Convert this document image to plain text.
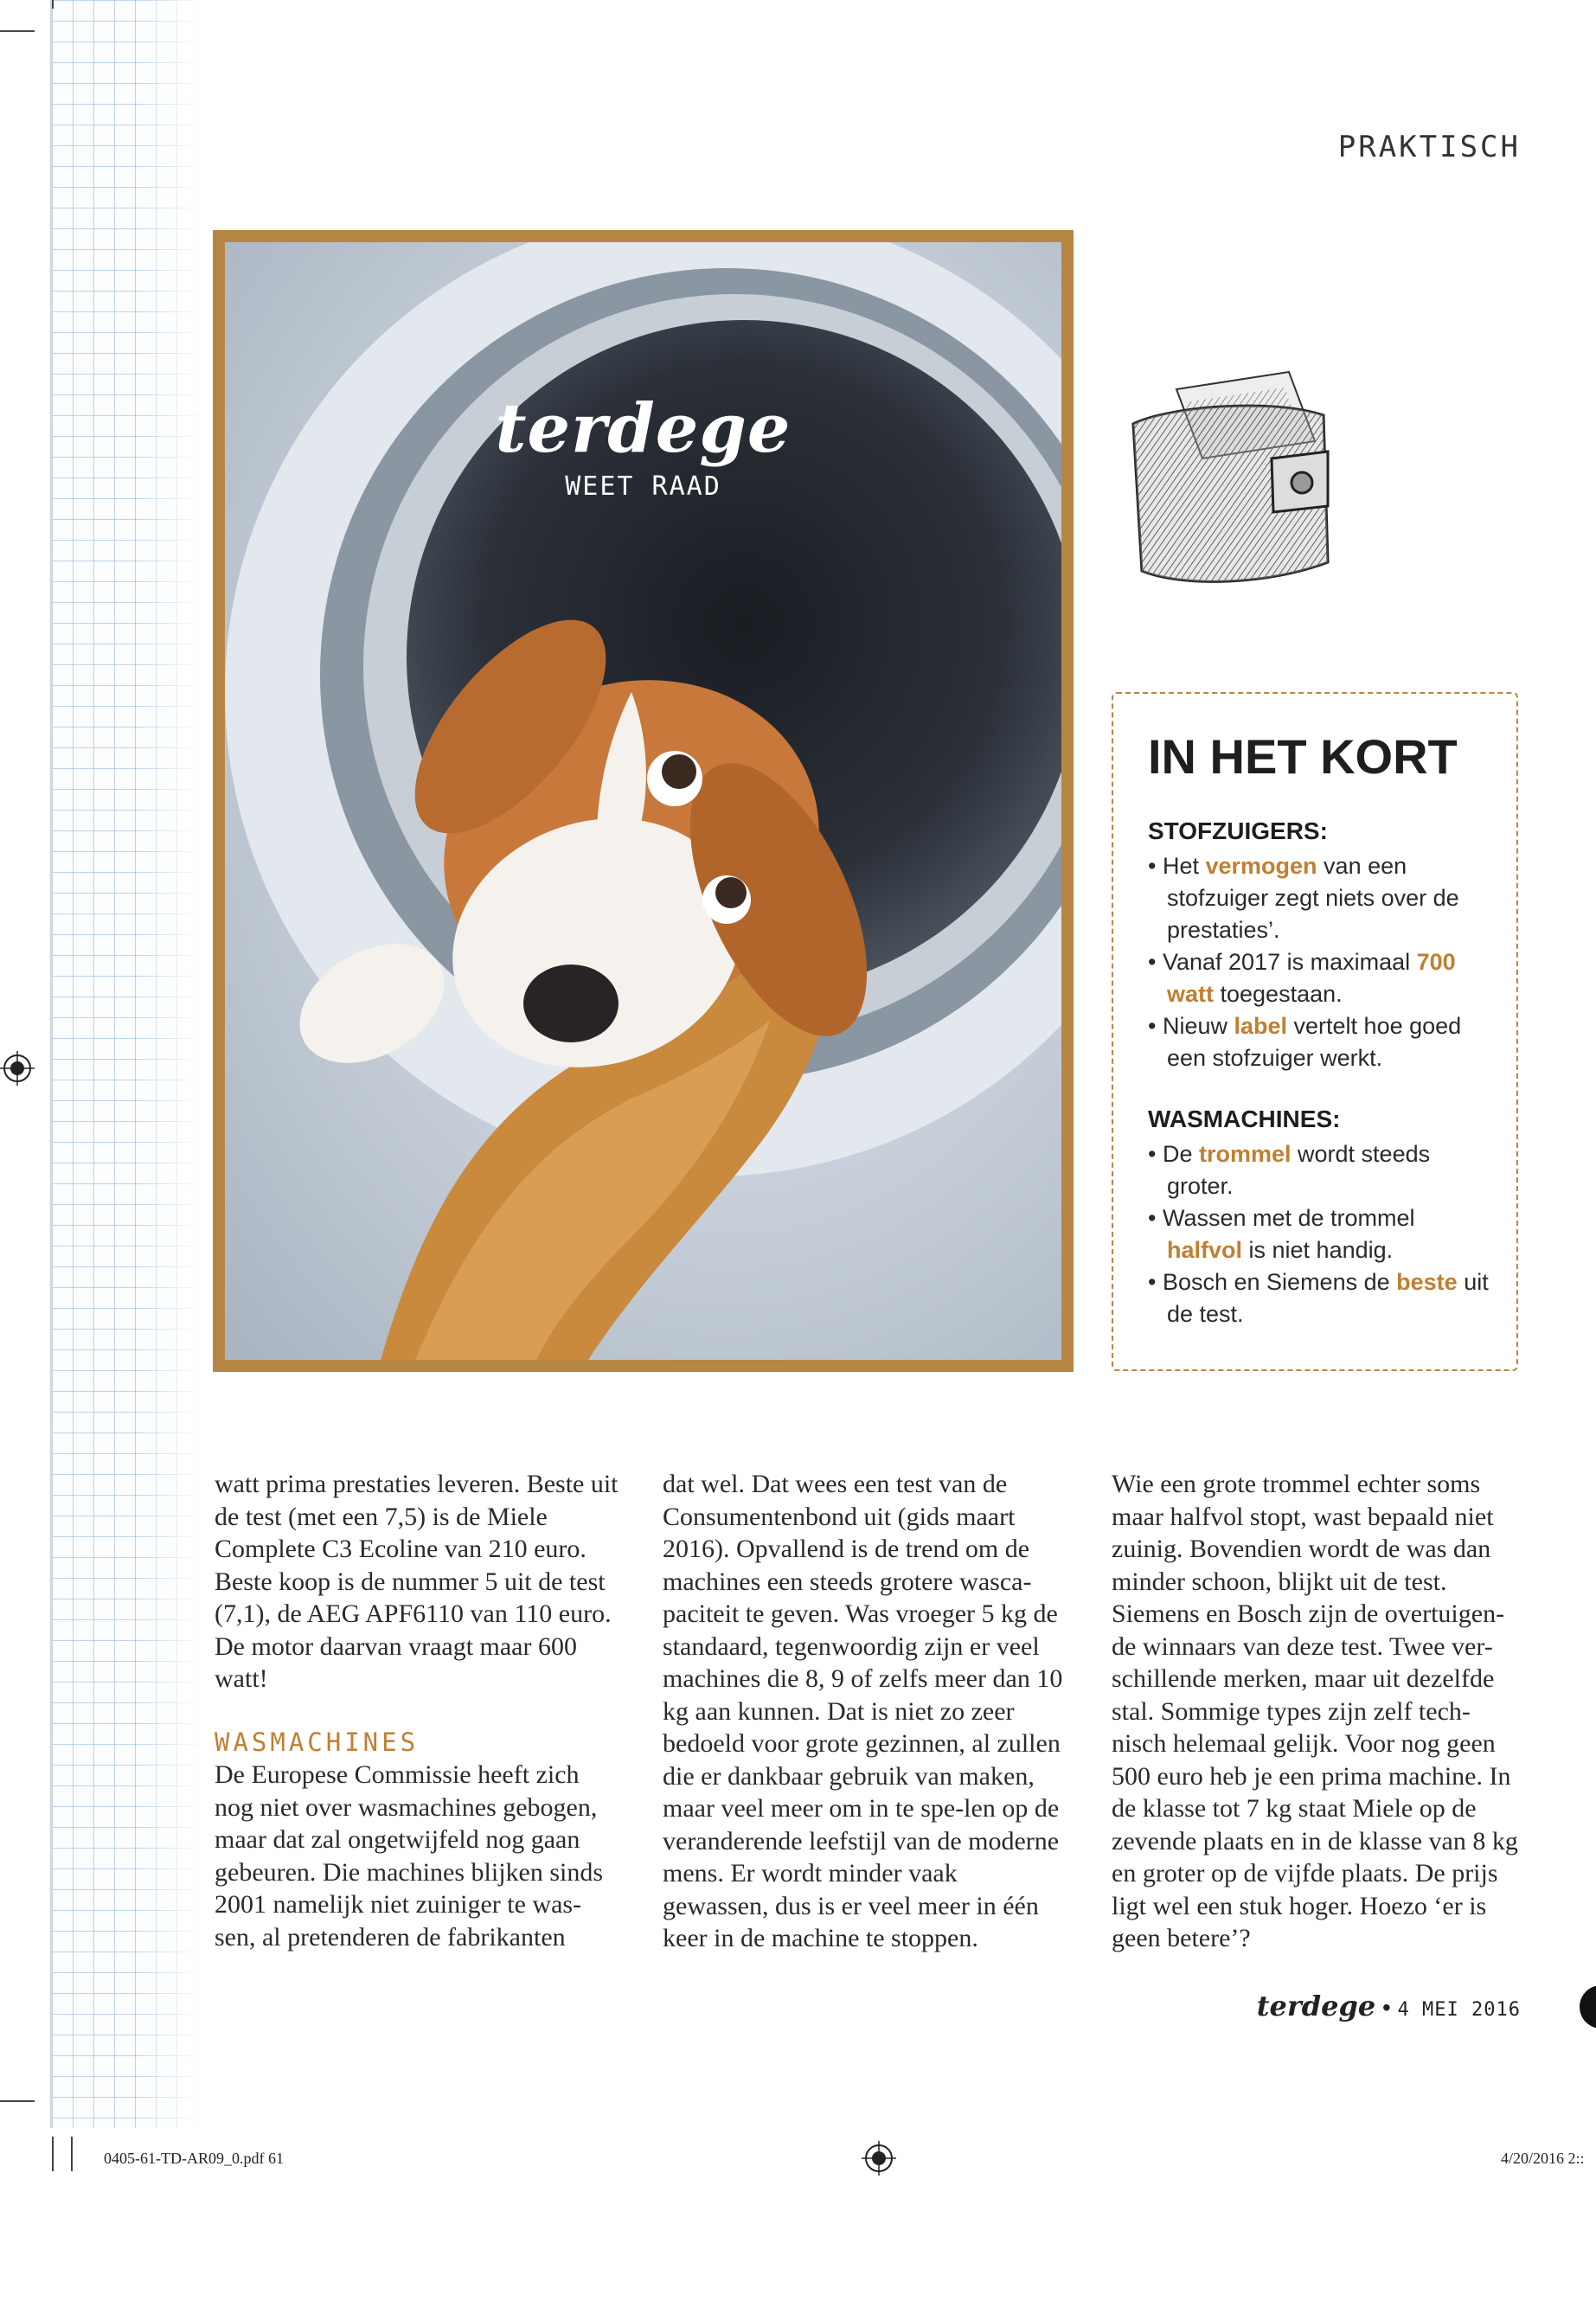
PRAKTISCH
terdege
WEET RAAD
IN HET KORT
STOFZUIGERS:
• Het vermogen van een stofzuiger zegt niets over de prestaties’.
• Vanaf 2017 is maximaal 700 watt toegestaan.
• Nieuw label vertelt hoe goed een stofzuiger werkt.
WASMACHINES:
• De trommel wordt steeds groter.
• Wassen met de trommel halfvol is niet handig.
• Bosch en Siemens de beste uit de test.

watt prima prestaties leveren. Beste uit de test (met een 7,5) is de Miele Complete C3 Ecoline van 210 euro. Beste koop is de nummer 5 uit de test (7,1), de AEG APF6110 van 110 euro. De motor daarvan vraagt maar 600 watt!

WASMACHINES

De Europese Commissie heeft zich nog niet over wasmachines gebogen, maar dat zal ongetwijfeld nog gaan gebeuren. Die machines blijken sinds 2001 namelijk niet zuiniger te was-sen, al pretenderen de fabrikanten

dat wel. Dat wees een test van de Consumentenbond uit (gids maart 2016). Opvallend is de trend om de machines een steeds grotere wasca-paciteit te geven. Was vroeger 5 kg de standaard, tegenwoordig zijn er veel machines die 8, 9 of zelfs meer dan 10 kg aan kunnen. Dat is niet zo zeer bedoeld voor grote gezinnen, al zullen die er dankbaar gebruik van maken, maar veel meer om in te spe-len op de veranderende leefstijl van de moderne mens. Er wordt minder vaak gewassen, dus is er veel meer in één keer in de machine te stoppen.

Wie een grote trommel echter soms maar halfvol stopt, wast bepaald niet zuinig. Bovendien wordt de was dan minder schoon, blijkt uit de test. Siemens en Bosch zijn de overtuigen-de winnaars van deze test. Twee ver-schillende merken, maar uit dezelfde stal. Sommige types zijn zelf tech-nisch helemaal gelijk. Voor nog geen 500 euro heb je een prima machine. In de klasse tot 7 kg staat Miele op de zevende plaats en in de klasse van 8 kg en groter op de vijfde plaats. De prijs ligt wel een stuk hoger. Hoezo ‘er is geen betere’?

terdege • 4 MEI 2016
0405-61-TD-AR09_0.pdf 61	4/20/2016 2::
